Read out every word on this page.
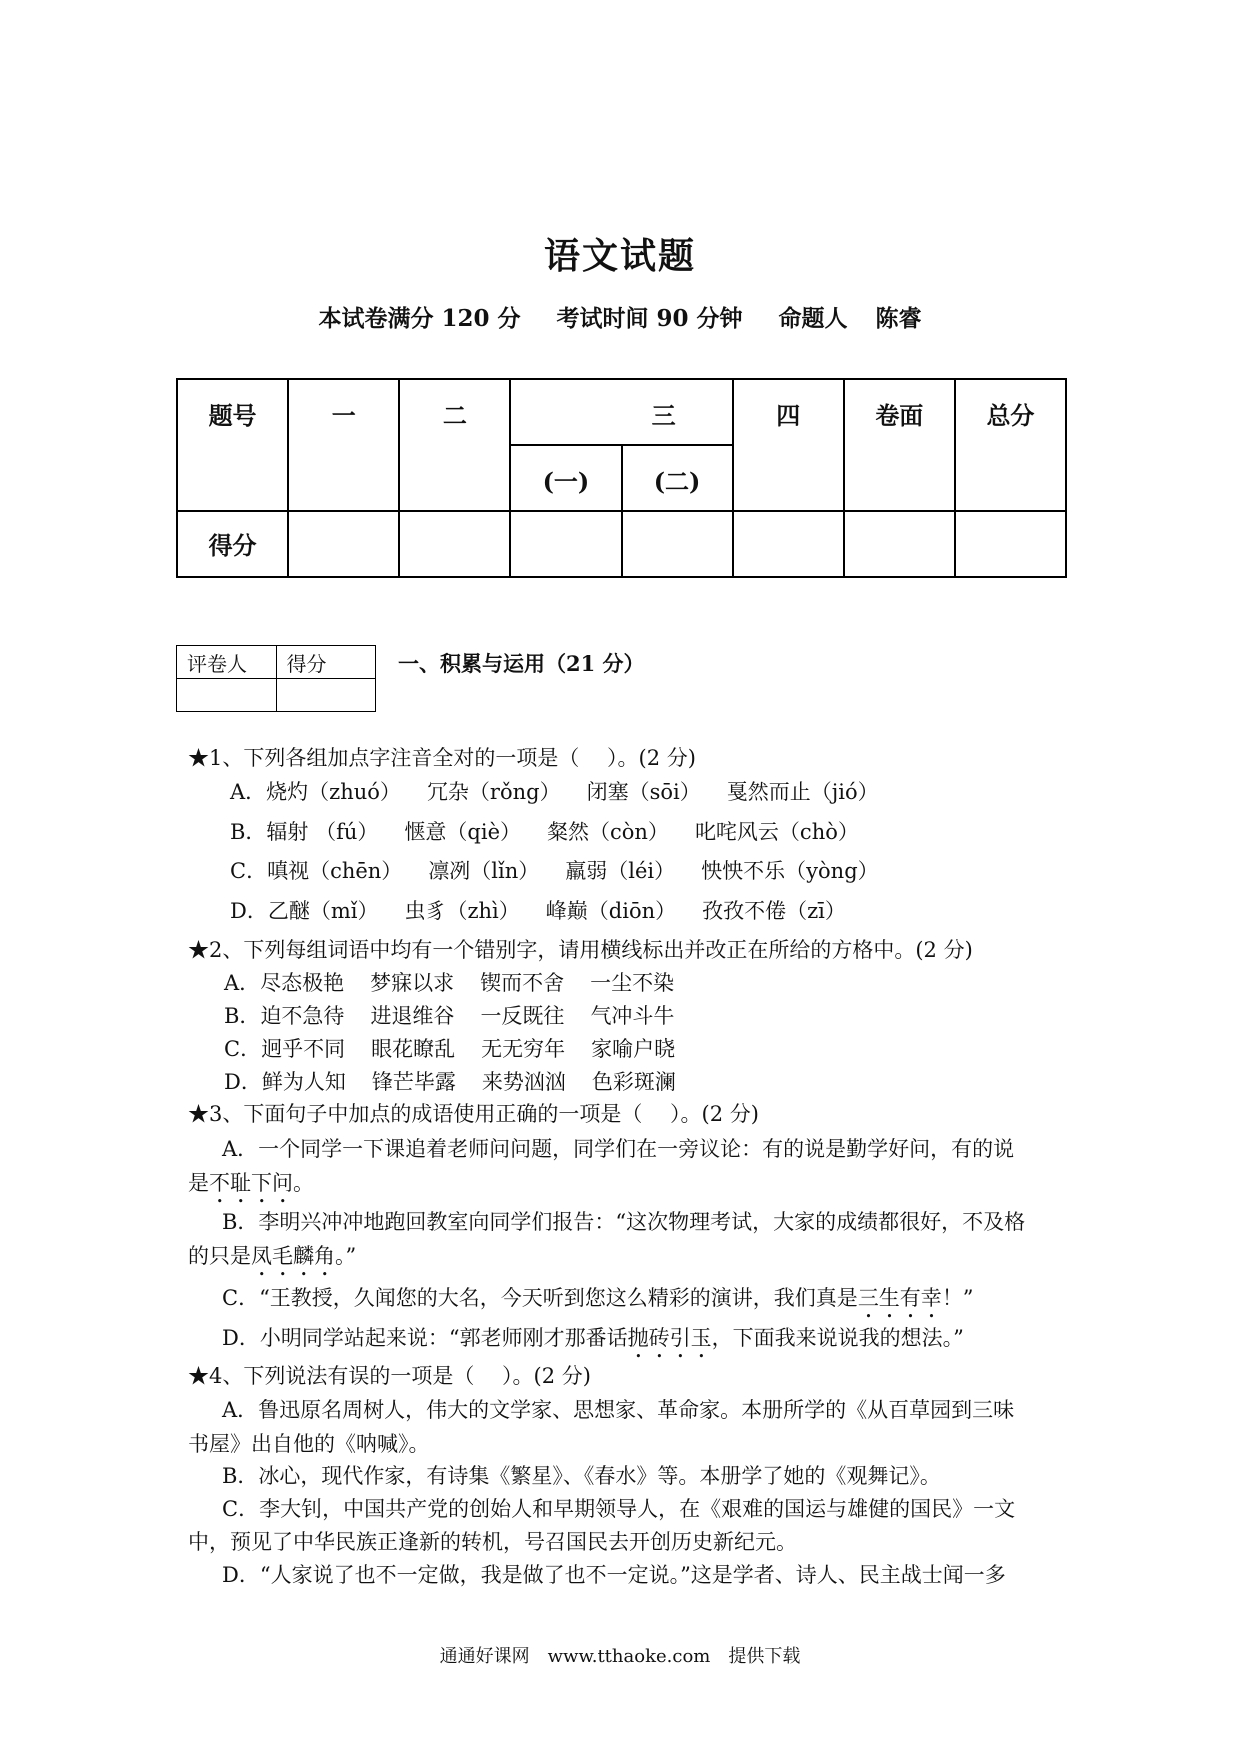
语文试题
本试卷满分 120 分 考试时间 90 分钟 命题人 陈睿
题号	一	二	三		四	卷面	总分
			(一)	(二)			
得分							
评卷人	得分
		一、积累与运用（21 分）
★1、下列各组加点字注音全对的一项是（　 ）。(2 分)
A．烧灼（zhuó） 冗杂（rǒng） 闭塞（sōi） 戛然而止（jió）
B．辐射 （fú） 惬意（qiè） 粲然（còn） 叱咤风云（chò）
C．嗔视（chēn） 凛冽（lǐn） 羸弱（léi） 怏怏不乐（yòng）
D．乙醚（mǐ） 虫豸（zhì） 峰巅（diōn） 孜孜不倦（zī）
★2、下列每组词语中均有一个错别字，请用横线标出并改正在所给的方格中。(2 分)
A．尽态极艳 梦寐以求 锲而不舍 一尘不染
B．迫不急待 进退维谷 一反既往 气冲斗牛
C．迥乎不同 眼花瞭乱 无无穷年 家喻户晓
D．鲜为人知 锋芒毕露 来势汹汹 色彩斑澜
★3、下面句子中加点的成语使用正确的一项是（　 ）。(2 分)
A．一个同学一下课追着老师问问题，同学们在一旁议论：有的说是勤学好问，有的说
是不耻下问。
B．李明兴冲冲地跑回教室向同学们报告：“这次物理考试，大家的成绩都很好，不及格
的只是凤毛麟角。”
C．“王教授，久闻您的大名，今天听到您这么精彩的演讲，我们真是三生有幸！”
D．小明同学站起来说：“郭老师刚才那番话抛砖引玉，下面我来说说我的想法。”
★4、下列说法有误的一项是（　 ）。(2 分)
A．鲁迅原名周树人，伟大的文学家、思想家、革命家。本册所学的《从百草园到三味
书屋》出自他的《呐喊》。
B．冰心，现代作家，有诗集《繁星》、《春水》等。本册学了她的《观舞记》。
C．李大钊，中国共产党的创始人和早期领导人，在《艰难的国运与雄健的国民》一文
中，预见了中华民族正逢新的转机，号召国民去开创历史新纪元。
D．“人家说了也不一定做，我是做了也不一定说。”这是学者、诗人、民主战士闻一多
通通好课网　www.tthaoke.com　提供下载
